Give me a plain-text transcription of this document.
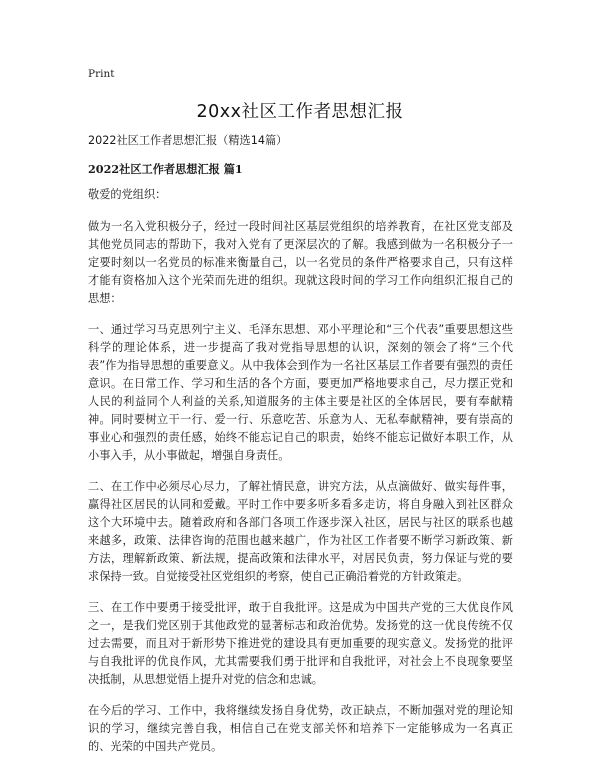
Print
20xx社区工作者思想汇报

2022社区工作者思想汇报（精选14篇）

2022社区工作者思想汇报 篇1

敬爱的党组织：

做为一名入党积极分子，经过一段时间社区基层党组织的培养教育，在社区党支部及其他党员同志的帮助下，我对入党有了更深层次的了解。我感到做为一名积极分子一定要时刻以一名党员的标准来衡量自己，以一名党员的条件严格要求自己，只有这样才能有资格加入这个光荣而先进的组织。现就这段时间的学习工作向组织汇报自己的思想：

一、通过学习马克思列宁主义、毛泽东思想、邓小平理论和“三个代表”重要思想这些科学的理论体系，进一步提高了我对党指导思想的认识，深刻的领会了将“三个代表”作为指导思想的重要意义。从中我体会到作为一名社区基层工作者要有强烈的责任意识。在日常工作、学习和生活的各个方面，要更加严格地要求自己，尽力摆正党和人民的利益同个人利益的关系,知道服务的主体主要是社区的全体居民，要有奉献精神。同时要树立干一行、爱一行、乐意吃苦、乐意为人、无私奉献精神，要有崇高的事业心和强烈的责任感，始终不能忘记自己的职责，始终不能忘记做好本职工作，从小事入手，从小事做起，增强自身责任。

二、在工作中必须尽心尽力，了解社情民意，讲究方法，从点滴做好、做实每件事，赢得社区居民的认同和爱戴。平时工作中要多听多看多走访，将自身融入到社区群众这个大环境中去。随着政府和各部门各项工作逐步深入社区，居民与社区的联系也越来越多，政策、法律咨询的范围也越来越广，作为社区工作者要不断学习新政策、新方法，理解新政策、新法规，提高政策和法律水平，对居民负责，努力保证与党的要求保持一致。自觉接受社区党组织的考察，使自己正确沿着党的方针政策走。

三、在工作中要勇于接受批评，敢于自我批评。这是成为中国共产党的三大优良作风之一，是我们党区别于其他政党的显著标志和政治优势。发扬党的这一优良传统不仅过去需要，而且对于新形势下推进党的建设具有更加重要的现实意义。发扬党的批评与自我批评的优良作风，尤其需要我们勇于批评和自我批评，对社会上不良现象要坚决抵制，从思想觉悟上提升对党的信念和忠诚。

在今后的学习、工作中，我将继续发扬自身优势，改正缺点，不断加强对党的理论知识的学习，继续完善自我，相信自己在党支部关怀和培养下一定能够成为一名真正的、光荣的中国共产党员。
